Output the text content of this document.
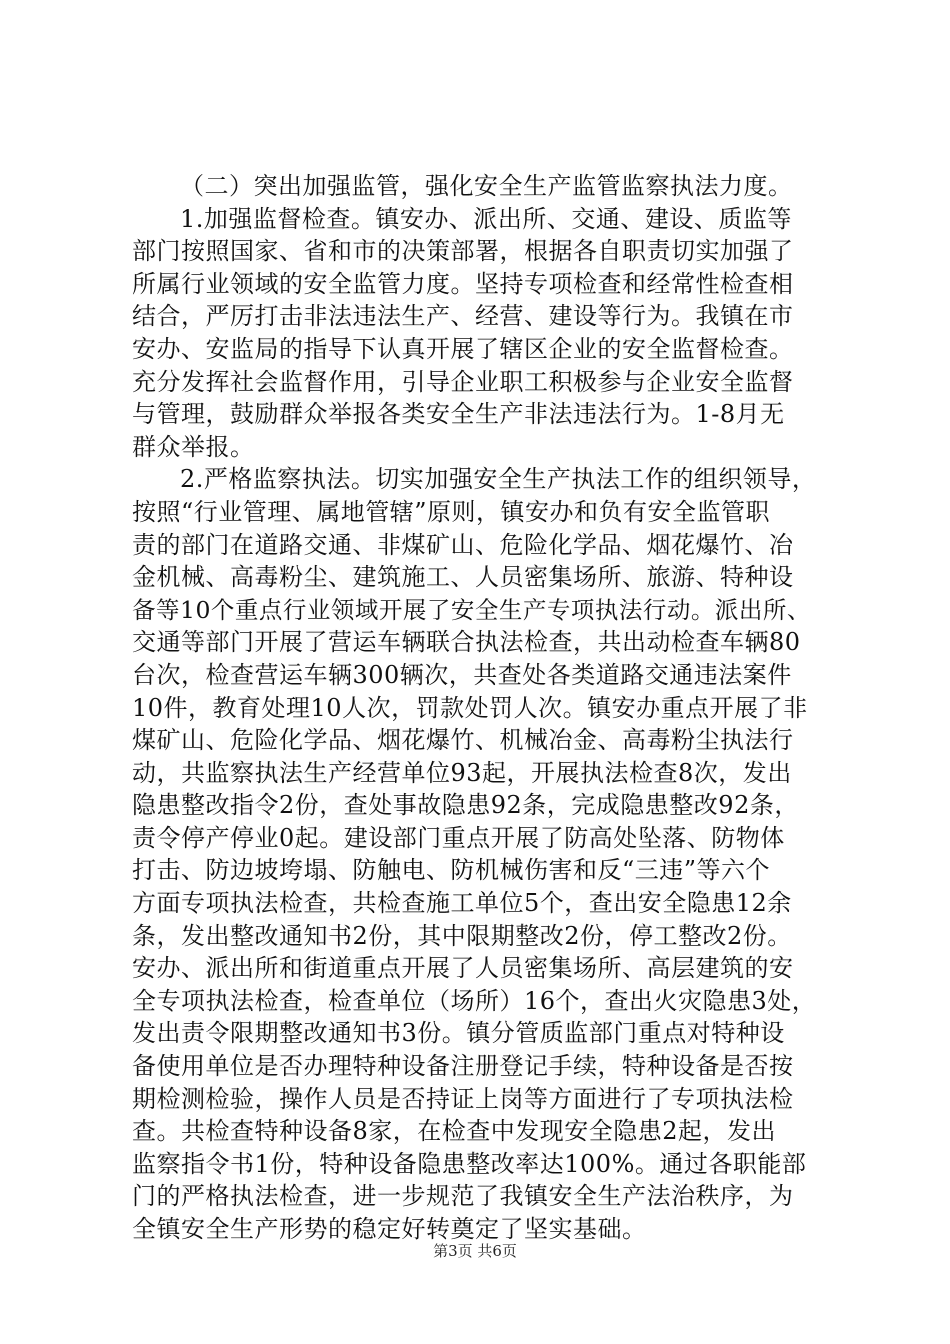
（二）突出加强监管，强化安全生产监管监察执法力度。
1.加强监督检查。镇安办、派出所、交通、建设、质监等
部门按照国家、省和市的决策部署，根据各自职责切实加强了
所属行业领域的安全监管力度。坚持专项检查和经常性检查相
结合，严厉打击非法违法生产、经营、建设等行为。我镇在市
安办、安监局的指导下认真开展了辖区企业的安全监督检查。
充分发挥社会监督作用，引导企业职工积极参与企业安全监督
与管理，鼓励群众举报各类安全生产非法违法行为。1-8月无
群众举报。
2.严格监察执法。切实加强安全生产执法工作的组织领导，
按照“行业管理、属地管辖”原则，镇安办和负有安全监管职
责的部门在道路交通、非煤矿山、危险化学品、烟花爆竹、冶
金机械、高毒粉尘、建筑施工、人员密集场所、旅游、特种设
备等10个重点行业领域开展了安全生产专项执法行动。派出所、
交通等部门开展了营运车辆联合执法检查，共出动检查车辆80
台次，检查营运车辆300辆次，共查处各类道路交通违法案件
10件，教育处理10人次，罚款处罚人次。镇安办重点开展了非
煤矿山、危险化学品、烟花爆竹、机械冶金、高毒粉尘执法行
动，共监察执法生产经营单位93起，开展执法检查8次，发出
隐患整改指令2份，查处事故隐患92条，完成隐患整改92条，
责令停产停业0起。建设部门重点开展了防高处坠落、防物体
打击、防边坡垮塌、防触电、防机械伤害和反“三违”等六个
方面专项执法检查，共检查施工单位5个，查出安全隐患12余
条，发出整改通知书2份，其中限期整改2份，停工整改2份。
安办、派出所和街道重点开展了人员密集场所、高层建筑的安
全专项执法检查，检查单位（场所）16个，查出火灾隐患3处，
发出责令限期整改通知书3份。镇分管质监部门重点对特种设
备使用单位是否办理特种设备注册登记手续，特种设备是否按
期检测检验，操作人员是否持证上岗等方面进行了专项执法检
查。共检查特种设备8家，在检查中发现安全隐患2起，发出
监察指令书1份，特种设备隐患整改率达100%。通过各职能部
门的严格执法检查，进一步规范了我镇安全生产法治秩序，为
全镇安全生产形势的稳定好转奠定了坚实基础。
第3页 共6页
